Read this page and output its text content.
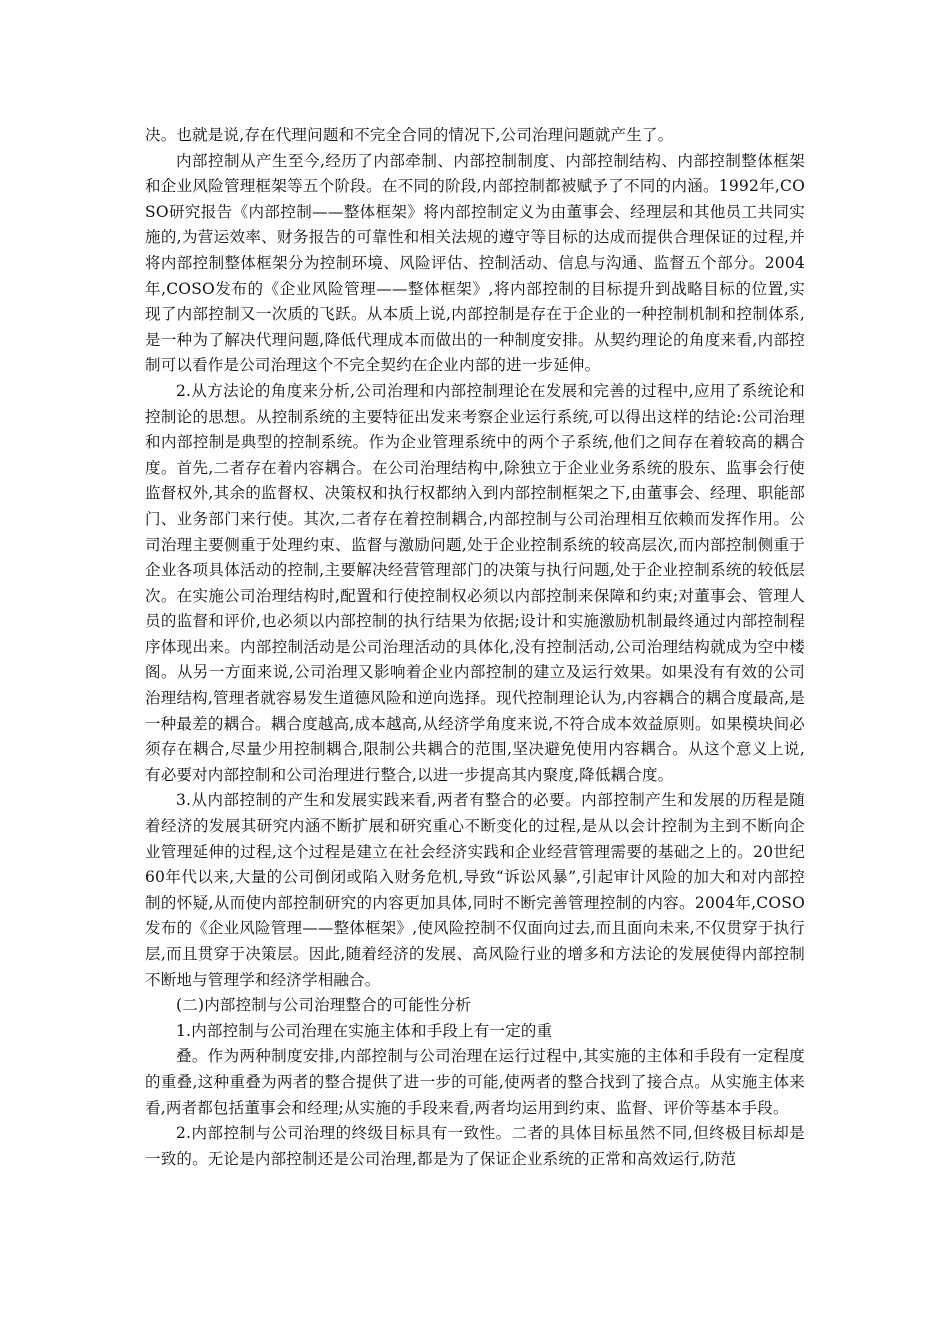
决。也就是说,存在代理问题和不完全合同的情况下,公司治理问题就产生了。

内部控制从产生至今,经历了内部牵制、内部控制制度、内部控制结构、内部控制整体框架和企业风险管理框架等五个阶段。在不同的阶段,内部控制都被赋予了不同的内涵。1992年,COSO研究报告《内部控制——整体框架》将内部控制定义为由董事会、经理层和其他员工共同实施的,为营运效率、财务报告的可靠性和相关法规的遵守等目标的达成而提供合理保证的过程,并将内部控制整体框架分为控制环境、风险评估、控制活动、信息与沟通、监督五个部分。2004年,COSO发布的《企业风险管理——整体框架》,将内部控制的目标提升到战略目标的位置,实现了内部控制又一次质的飞跃。从本质上说,内部控制是存在于企业的一种控制机制和控制体系,是一种为了解决代理问题,降低代理成本而做出的一种制度安排。从契约理论的角度来看,内部控制可以看作是公司治理这个不完全契约在企业内部的进一步延伸。

2.从方法论的角度来分析,公司治理和内部控制理论在发展和完善的过程中,应用了系统论和控制论的思想。从控制系统的主要特征出发来考察企业运行系统,可以得出这样的结论:公司治理和内部控制是典型的控制系统。作为企业管理系统中的两个子系统,他们之间存在着较高的耦合度。首先,二者存在着内容耦合。在公司治理结构中,除独立于企业业务系统的股东、监事会行使监督权外,其余的监督权、决策权和执行权都纳入到内部控制框架之下,由董事会、经理、职能部门、业务部门来行使。其次,二者存在着控制耦合,内部控制与公司治理相互依赖而发挥作用。公司治理主要侧重于处理约束、监督与激励问题,处于企业控制系统的较高层次,而内部控制侧重于企业各项具体活动的控制,主要解决经营管理部门的决策与执行问题,处于企业控制系统的较低层次。在实施公司治理结构时,配置和行使控制权必须以内部控制来保障和约束;对董事会、管理人员的监督和评价,也必须以内部控制的执行结果为依据;设计和实施激励机制最终通过内部控制程序体现出来。内部控制活动是公司治理活动的具体化,没有控制活动,公司治理结构就成为空中楼阁。从另一方面来说,公司治理又影响着企业内部控制的建立及运行效果。如果没有有效的公司治理结构,管理者就容易发生道德风险和逆向选择。现代控制理论认为,内容耦合的耦合度最高,是一种最差的耦合。耦合度越高,成本越高,从经济学角度来说,不符合成本效益原则。如果模块间必须存在耦合,尽量少用控制耦合,限制公共耦合的范围,坚决避免使用内容耦合。从这个意义上说,有必要对内部控制和公司治理进行整合,以进一步提高其内聚度,降低耦合度。

3.从内部控制的产生和发展实践来看,两者有整合的必要。内部控制产生和发展的历程是随着经济的发展其研究内涵不断扩展和研究重心不断变化的过程,是从以会计控制为主到不断向企业管理延伸的过程,这个过程是建立在社会经济实践和企业经营管理需要的基础之上的。20世纪60年代以来,大量的公司倒闭或陷入财务危机,导致“诉讼风暴”,引起审计风险的加大和对内部控制的怀疑,从而使内部控制研究的内容更加具体,同时不断完善管理控制的内容。2004年,COSO发布的《企业风险管理——整体框架》,使风险控制不仅面向过去,而且面向未来,不仅贯穿于执行层,而且贯穿于决策层。因此,随着经济的发展、高风险行业的增多和方法论的发展使得内部控制不断地与管理学和经济学相融合。

(二)内部控制与公司治理整合的可能性分析

1.内部控制与公司治理在实施主体和手段上有一定的重

叠。作为两种制度安排,内部控制与公司治理在运行过程中,其实施的主体和手段有一定程度的重叠,这种重叠为两者的整合提供了进一步的可能,使两者的整合找到了接合点。从实施主体来看,两者都包括董事会和经理;从实施的手段来看,两者均运用到约束、监督、评价等基本手段。

2.内部控制与公司治理的终级目标具有一致性。二者的具体目标虽然不同,但终极目标却是一致的。无论是内部控制还是公司治理,都是为了保证企业系统的正常和高效运行,防范
